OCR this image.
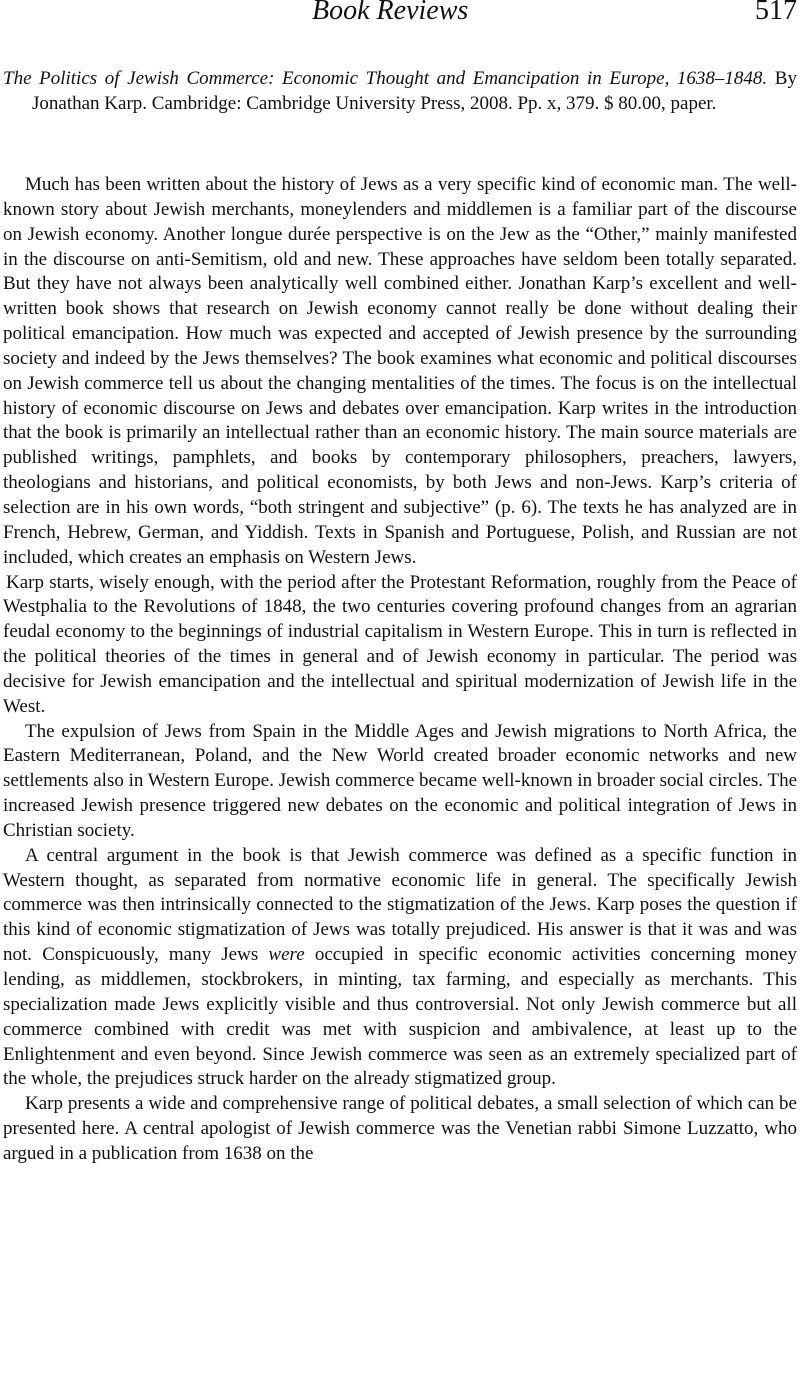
Book Reviews	517
The Politics of Jewish Commerce: Economic Thought and Emancipation in Europe, 1638–1848. By Jonathan Karp. Cambridge: Cambridge University Press, 2008. Pp. x, 379. $ 80.00, paper.

Much has been written about the history of Jews as a very specific kind of economic man. The well-known story about Jewish merchants, moneylenders and middlemen is a familiar part of the discourse on Jewish economy. Another longue durée perspective is on the Jew as the “Other,” mainly manifested in the discourse on anti-Semitism, old and new. These approaches have seldom been totally separated. But they have not always been analytically well combined either. Jonathan Karp’s excellent and well-written book shows that research on Jewish economy cannot really be done without dealing their political emancipation. How much was expected and accepted of Jewish presence by the surrounding society and indeed by the Jews themselves? The book examines what economic and political discourses on Jewish commerce tell us about the changing mentalities of the times. The focus is on the intellectual history of economic discourse on Jews and debates over emancipation. Karp writes in the introduction that the book is primarily an intellectual rather than an economic history. The main source materials are published writings, pamphlets, and books by contemporary philosophers, preachers, lawyers, theologians and historians, and political economists, by both Jews and non-Jews. Karp’s criteria of selection are in his own words, “both stringent and subjective” (p. 6). The texts he has analyzed are in French, Hebrew, German, and Yiddish. Texts in Spanish and Portuguese, Polish, and Russian are not included, which creates an emphasis on Western Jews.

Karp starts, wisely enough, with the period after the Protestant Reformation, roughly from the Peace of Westphalia to the Revolutions of 1848, the two centuries covering profound changes from an agrarian feudal economy to the beginnings of industrial capitalism in Western Europe. This in turn is reflected in the political theories of the times in general and of Jewish economy in particular. The period was decisive for Jewish emancipation and the intellectual and spiritual modernization of Jewish life in the West.

The expulsion of Jews from Spain in the Middle Ages and Jewish migrations to North Africa, the Eastern Mediterranean, Poland, and the New World created broader economic networks and new settlements also in Western Europe. Jewish commerce became well-known in broader social circles. The increased Jewish presence triggered new debates on the economic and political integration of Jews in Christian society.

A central argument in the book is that Jewish commerce was defined as a specific function in Western thought, as separated from normative economic life in general. The specifically Jewish commerce was then intrinsically connected to the stigmatization of the Jews. Karp poses the question if this kind of economic stigmatization of Jews was totally prejudiced. His answer is that it was and was not. Conspicuously, many Jews were occupied in specific economic activities concerning money lending, as middlemen, stockbrokers, in minting, tax farming, and especially as merchants. This specialization made Jews explicitly visible and thus controversial. Not only Jewish commerce but all commerce combined with credit was met with suspicion and ambivalence, at least up to the Enlightenment and even beyond. Since Jewish commerce was seen as an extremely specialized part of the whole, the prejudices struck harder on the already stigmatized group.

Karp presents a wide and comprehensive range of political debates, a small selection of which can be presented here. A central apologist of Jewish commerce was the Venetian rabbi Simone Luzzatto, who argued in a publication from 1638 on the
